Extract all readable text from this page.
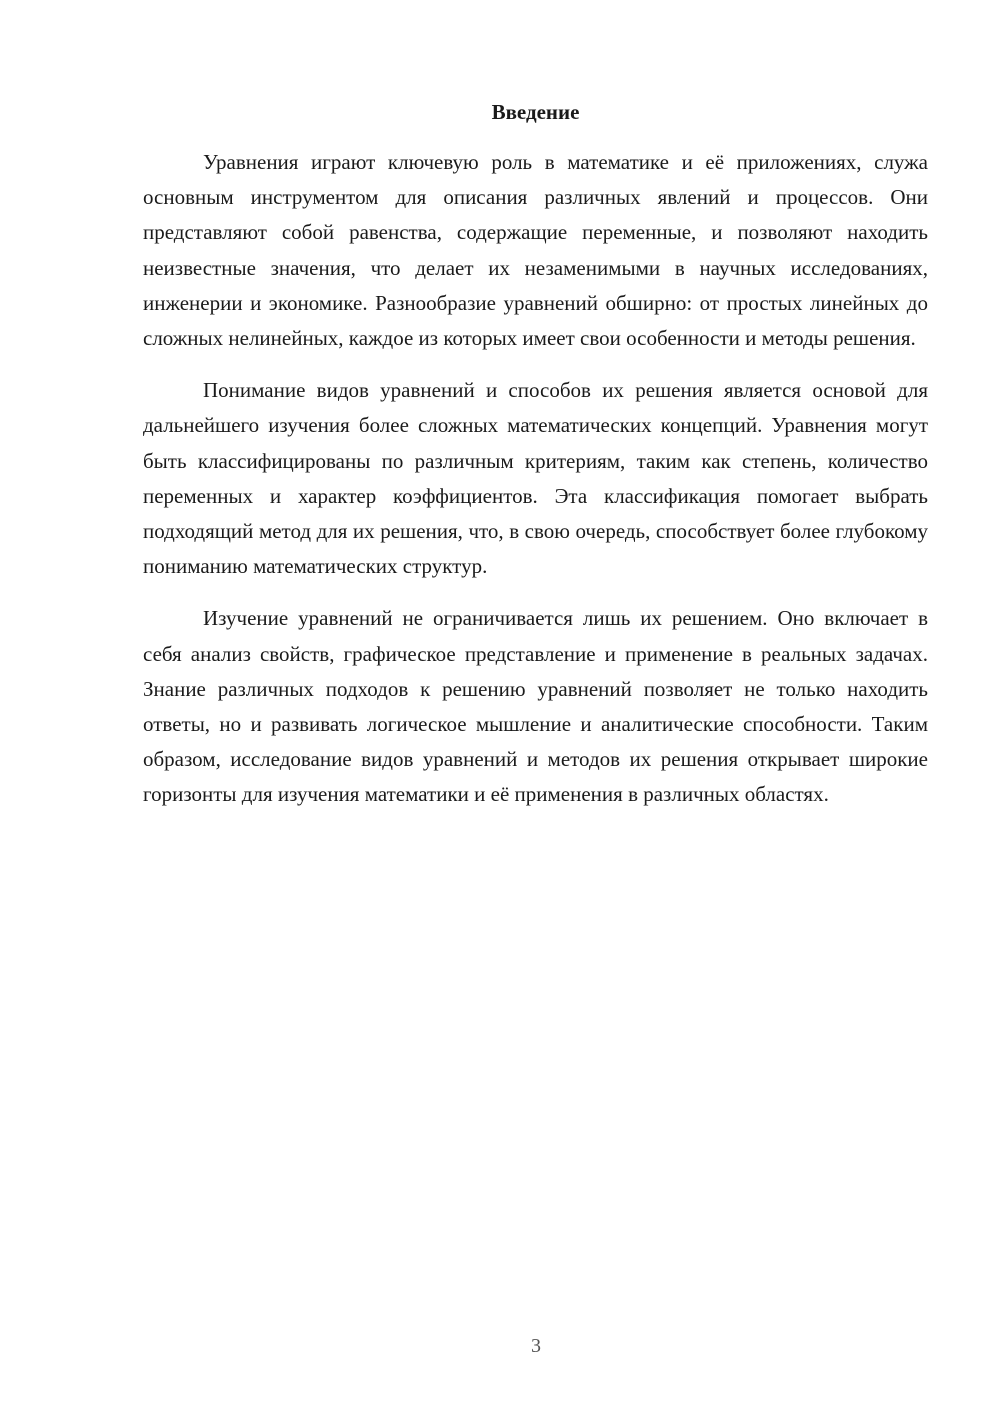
Введение

Уравнения играют ключевую роль в математике и её приложениях, служа основным инструментом для описания различных явлений и процессов. Они представляют собой равенства, содержащие переменные, и позволяют находить неизвестные значения, что делает их незаменимыми в научных исследованиях, инженерии и экономике. Разнообразие уравнений обширно: от простых линейных до сложных нелинейных, каждое из которых имеет свои особенности и методы решения.

Понимание видов уравнений и способов их решения является основой для дальнейшего изучения более сложных математических концепций. Уравнения могут быть классифицированы по различным критериям, таким как степень, количество переменных и характер коэффициентов. Эта классификация помогает выбрать подходящий метод для их решения, что, в свою очередь, способствует более глубокому пониманию математических структур.

Изучение уравнений не ограничивается лишь их решением. Оно включает в себя анализ свойств, графическое представление и применение в реальных задачах. Знание различных подходов к решению уравнений позволяет не только находить ответы, но и развивать логическое мышление и аналитические способности. Таким образом, исследование видов уравнений и методов их решения открывает широкие горизонты для изучения математики и её применения в различных областях.

3
